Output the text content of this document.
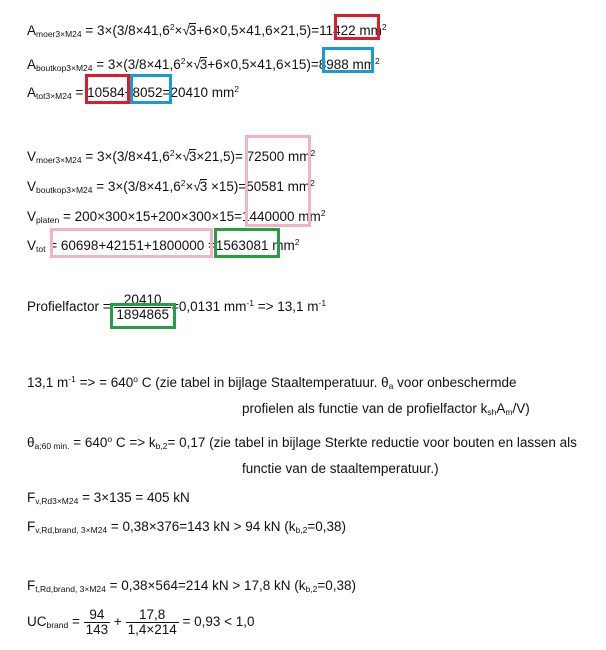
$A_{moer3\times M24} = 3\times(3/8\times 41,6^2\times√3+6\times 0,5\times 41,6\times 21,5)=11422$ $mm^2$
$A_{boutkop3\times M24} = 3\times(3/8\times 41,6^2\times√3+6\times 0,5\times 41,6\times 15)=8988$ $mm^2$
$A_{tot3\times M24} = 10584+8052=20410$ $mm^2$
$V_{moer3\times M24} = 3\times(3/8\times 41,6^2\times√3\times 21,5)= 72500$ $mm^2$
$V_{boutkop3\times M24} = 3\times(3/8\times 41,6^2\times√3 \times 15)=50581$ $mm^2$
$V_{platen} = 200\times 300\times 15+200\times 300\times 15=1440000$ $mm^2$
$V_{tot} = 60698+42151+1800000 =1563081$ $mm^2$
Profielfactor = $\frac{20410}{1894865} =0,0131$ $mm^{-1} => 13,1$ $m^{-1}$
13,1 $m^{-1}$ => = $640^o$ C (zie tabel in bijlage Staaltemperatuur. $\theta_a$ voor onbeschermde
profielen als functie van de profielfactor $k_{sh}A_m/V$)
$\theta_{a;60 min.} = 640^o$ $C => k_{b,2}= 0,17$ (zie tabel in bijlage Sterkte reductie voor bouten en lassen als
functie van de staaltemperatuur.)
$F_{v,Rd3\times M24} = 3\times 135 = 405$ kN
$F_{v,Rd,brand, 3\times M24} = 0,38\times 376=143$ kN > 94 kN $(k_{b,2}=0,38)$
$F_{t,Rd,brand, 3\times M24} = 0,38\times 564=214$ kN > 17,8 kN $(k_{b,2}=0,38)$
$UC_{brand} = \frac{94}{143} + \frac{17,8}{1,4\times 214} = 0,93 < 1,0$
